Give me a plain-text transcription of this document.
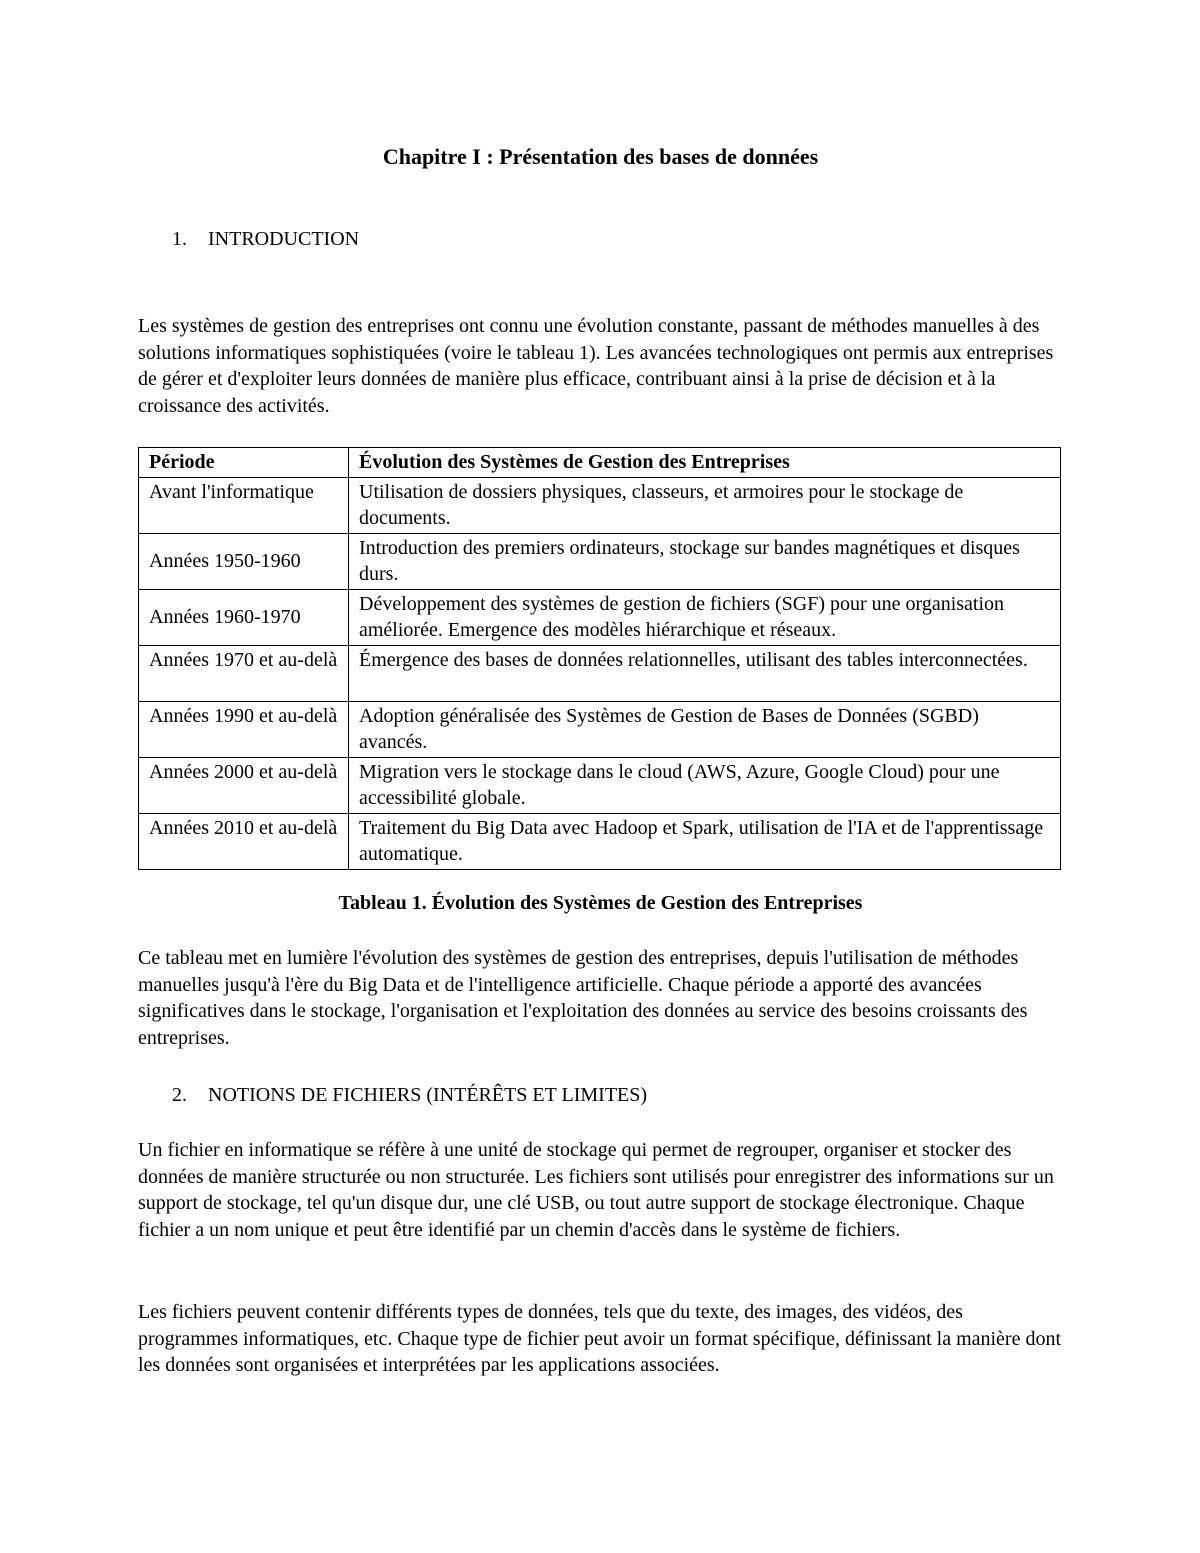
Chapitre I : Présentation des bases de données
1. INTRODUCTION

Les systèmes de gestion des entreprises ont connu une évolution constante, passant de méthodes manuelles à des solutions informatiques sophistiquées (voire le tableau 1). Les avancées technologiques ont permis aux entreprises de gérer et d'exploiter leurs données de manière plus efficace, contribuant ainsi à la prise de décision et à la croissance des activités.

Période	Évolution des Systèmes de Gestion des Entreprises
Avant l'informatique	Utilisation de dossiers physiques, classeurs, et armoires pour le stockage de documents.
Années 1950-1960	Introduction des premiers ordinateurs, stockage sur bandes magnétiques et disques durs.
Années 1960-1970	Développement des systèmes de gestion de fichiers (SGF) pour une organisation améliorée. Emergence des modèles hiérarchique et réseaux.
Années 1970 et au-delà	Émergence des bases de données relationnelles, utilisant des tables interconnectées.
Années 1990 et au-delà	Adoption généralisée des Systèmes de Gestion de Bases de Données (SGBD) avancés.
Années 2000 et au-delà	Migration vers le stockage dans le cloud (AWS, Azure, Google Cloud) pour une accessibilité globale.
Années 2010 et au-delà	Traitement du Big Data avec Hadoop et Spark, utilisation de l'IA et de l'apprentissage automatique.

Tableau 1. Évolution des Systèmes de Gestion des Entreprises

Ce tableau met en lumière l'évolution des systèmes de gestion des entreprises, depuis l'utilisation de méthodes manuelles jusqu'à l'ère du Big Data et de l'intelligence artificielle. Chaque période a apporté des avancées significatives dans le stockage, l'organisation et l'exploitation des données au service des besoins croissants des entreprises.

2. NOTIONS DE FICHIERS (INTÉRÊTS ET LIMITES)

Un fichier en informatique se réfère à une unité de stockage qui permet de regrouper, organiser et stocker des données de manière structurée ou non structurée. Les fichiers sont utilisés pour enregistrer des informations sur un support de stockage, tel qu'un disque dur, une clé USB, ou tout autre support de stockage électronique. Chaque fichier a un nom unique et peut être identifié par un chemin d'accès dans le système de fichiers.

Les fichiers peuvent contenir différents types de données, tels que du texte, des images, des vidéos, des programmes informatiques, etc. Chaque type de fichier peut avoir un format spécifique, définissant la manière dont les données sont organisées et interprétées par les applications associées.
